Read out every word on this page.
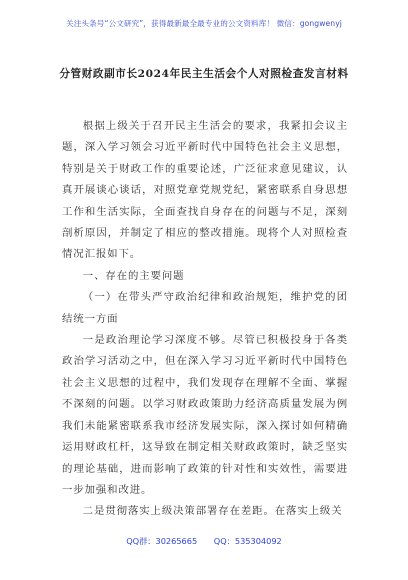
关注头条号“公文研究”，获得最新最全最专业的公文资料库！ 微信：gongwenyj
分管财政副市长2024年民主生活会个人对照检查发言材料

根据上级关于召开民主生活会的要求，我紧扣会议主题，深入学习领会习近平新时代中国特色社会主义思想，特别是关于财政工作的重要论述，广泛征求意见建议，认真开展谈心谈话，对照党章党规党纪，紧密联系自身思想工作和生活实际，全面查找自身存在的问题与不足，深刻剖析原因，并制定了相应的整改措施。现将个人对照检查情况汇报如下。

一、存在的主要问题

（一）在带头严守政治纪律和政治规矩，维护党的团结统一方面

一是政治理论学习深度不够。尽管已积极投身于各类政治学习活动之中，但在深入学习习近平新时代中国特色社会主义思想的过程中，我们发现存在理解不全面、掌握不深刻的问题。以学习财政政策助力经济高质量发展为例我们未能紧密联系我市经济发展实际，深入探讨如何精确运用财政杠杆，这导致在制定相关财政政策时，缺乏坚实的理论基础，进而影响了政策的针对性和实效性，需要进一步加强和改进。

二是贯彻落实上级决策部署存在差距。在落实上级关

QQ群：30265665 QQ：535304092
